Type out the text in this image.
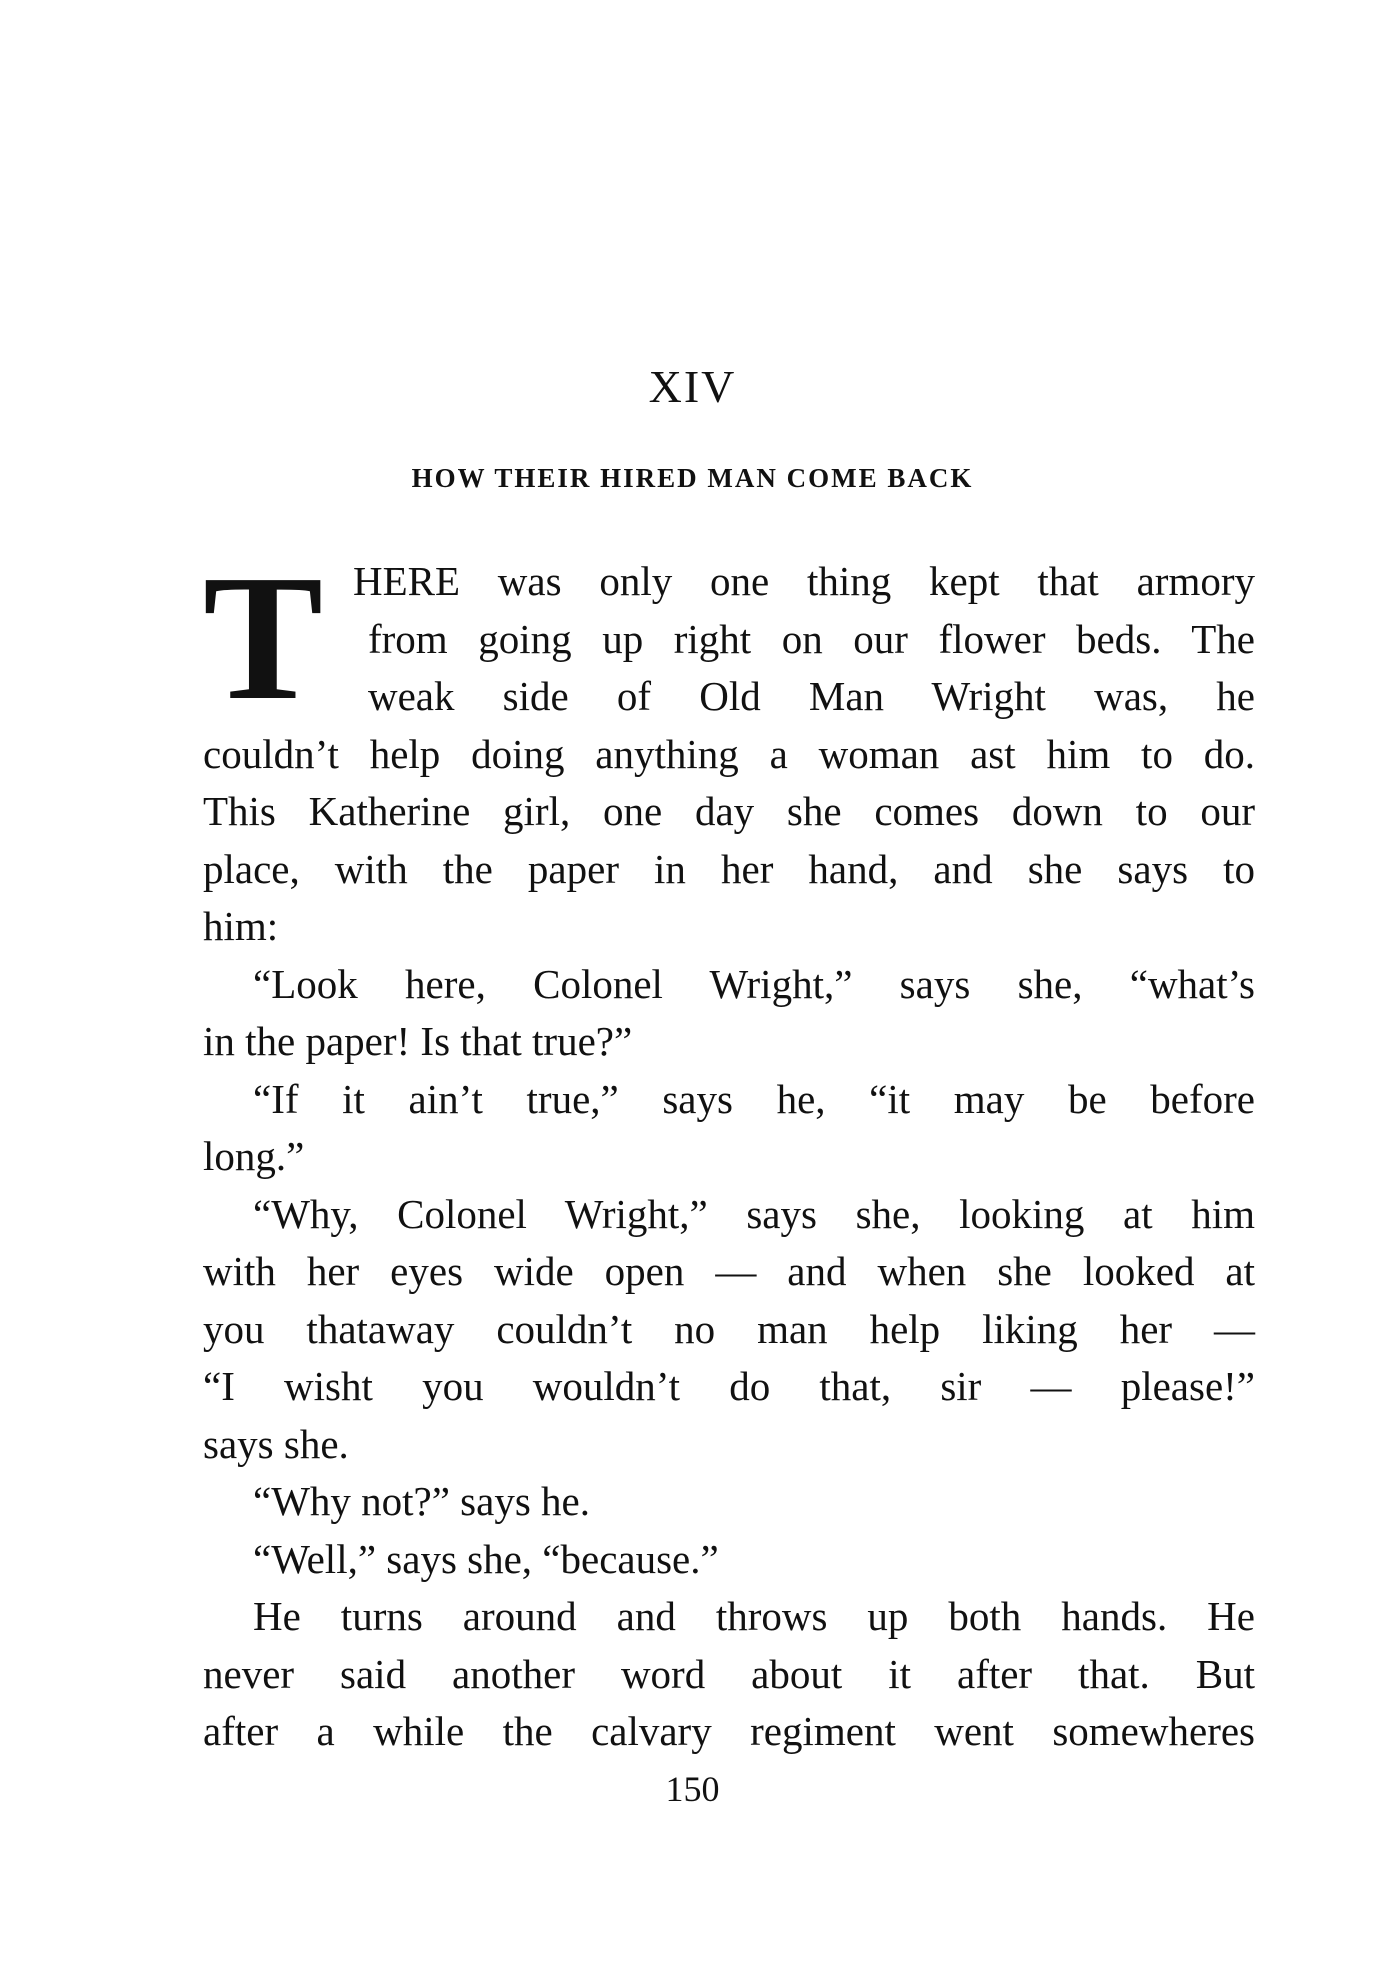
XIV
HOW THEIR HIRED MAN COME BACK
T HERE was only one thing kept that armory
from going up right on our flower beds. The
weak side of Old Man Wright was, he
couldn’t help doing anything a woman ast him to do.
This Katherine girl, one day she comes down to our
place, with the paper in her hand, and she says to
him:
“Look here, Colonel Wright,” says she, “what’s
in the paper! Is that true?”
“If it ain’t true,” says he, “it may be before
long.”
“Why, Colonel Wright,” says she, looking at him
with her eyes wide open — and when she looked at
you thataway couldn’t no man help liking her —
“I wisht you wouldn’t do that, sir — please!”
says she.
“Why not?” says he.
“Well,” says she, “because.”
He turns around and throws up both hands. He
never said another word about it after that. But
after a while the calvary regiment went somewheres
150
